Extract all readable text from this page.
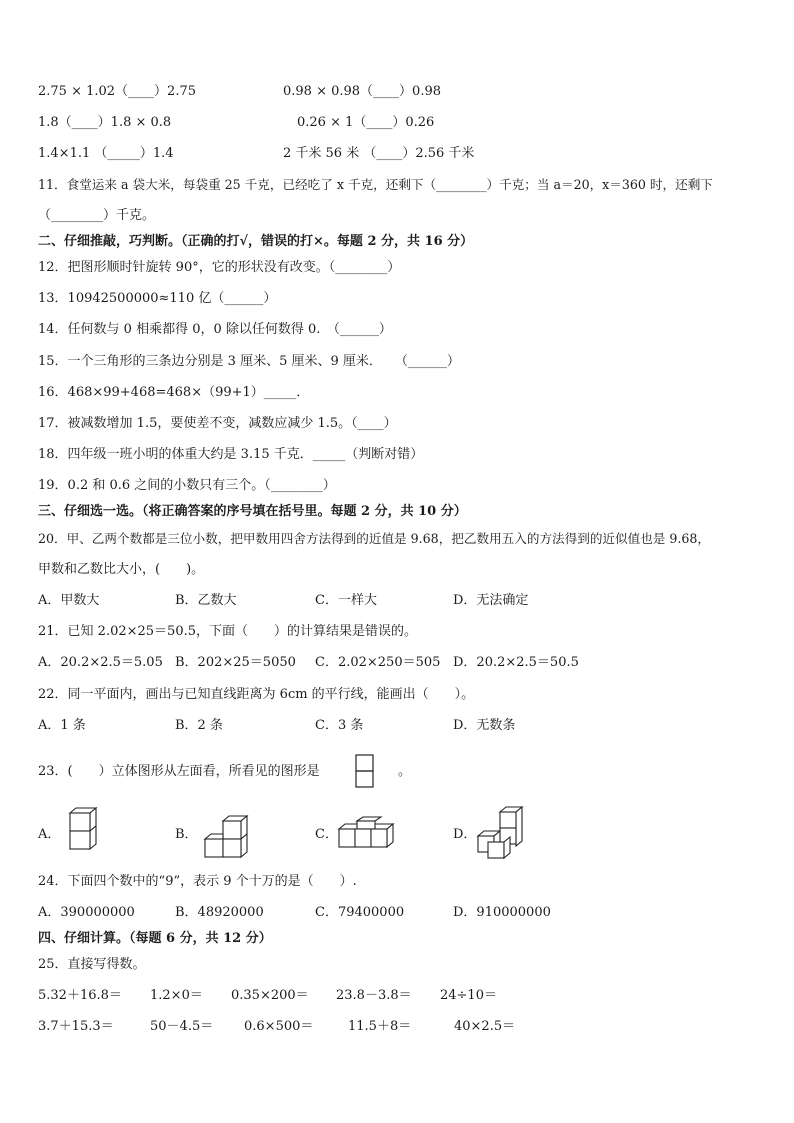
2.75 × 1.02（____）2.75	0.98 × 0.98（____）0.98
1.8（____）1.8 × 0.8	0.26 × 1（____）0.26
1.4×1.1 （_____）1.4	2 千米 56 米 （____）2.56 千米
11．食堂运来 a 袋大米，每袋重 25 千克，已经吃了 x 千克，还剩下（________）千克；当 a＝20，x＝360 时，还剩下
（________）千克。
二、仔细推敲，巧判断。（正确的打√，错误的打×。每题 2 分，共 16 分）
12．把图形顺时针旋转 90°，它的形状没有改变。（________）
13．10942500000≈110 亿（______）
14．任何数与 0 相乘都得 0，0 除以任何数得 0.　（______）
15．一个三角形的三条边分别是 3 厘米、5 厘米、9 厘米．　　（______）
16．468×99+468=468×（99+1）_____．
17．被减数增加 1.5，要使差不变，减数应减少 1.5。（____）
18．四年级一班小明的体重大约是 3.15 千克．_____（判断对错）
19．0.2 和 0.6 之间的小数只有三个。（________）
三、仔细选一选。（将正确答案的序号填在括号里。每题 2 分，共 10 分）
20．甲、乙两个数都是三位小数，把甲数用四舍方法得到的近值是 9.68，把乙数用五入的方法得到的近似值也是 9.68，
甲数和乙数比大小，(　　)。
A．甲数大	B．乙数大	C．一样大	D．无法确定
21．已知 2.02×25＝50.5，下面（　　）的计算结果是错误的。
A．20.2×2.5＝5.05 B．202×25＝5050 C．2.02×250＝505 D．20.2×2.5＝50.5
22．同一平面内，画出与已知直线距离为 6cm 的平行线，能画出（　　）。
A．1 条	B．2 条	C．3 条	D．无数条
23．(　　）立体图形从左面看，所看见的图形是	。
A．	B．	C．	D．
24．下面四个数中的“9”，表示 9 个十万的是（　　）.
A．390000000	B．48920000	C．79400000	D．910000000
四、仔细计算。（每题 6 分，共 12 分）
25．直接写得数。
5.32＋16.8＝ 1.2×0＝ 0.35×200＝ 23.8－3.8＝ 24÷10＝
3.7＋15.3＝	50－4.5＝ 0.6×500＝	11.5＋8＝	40×2.5＝
